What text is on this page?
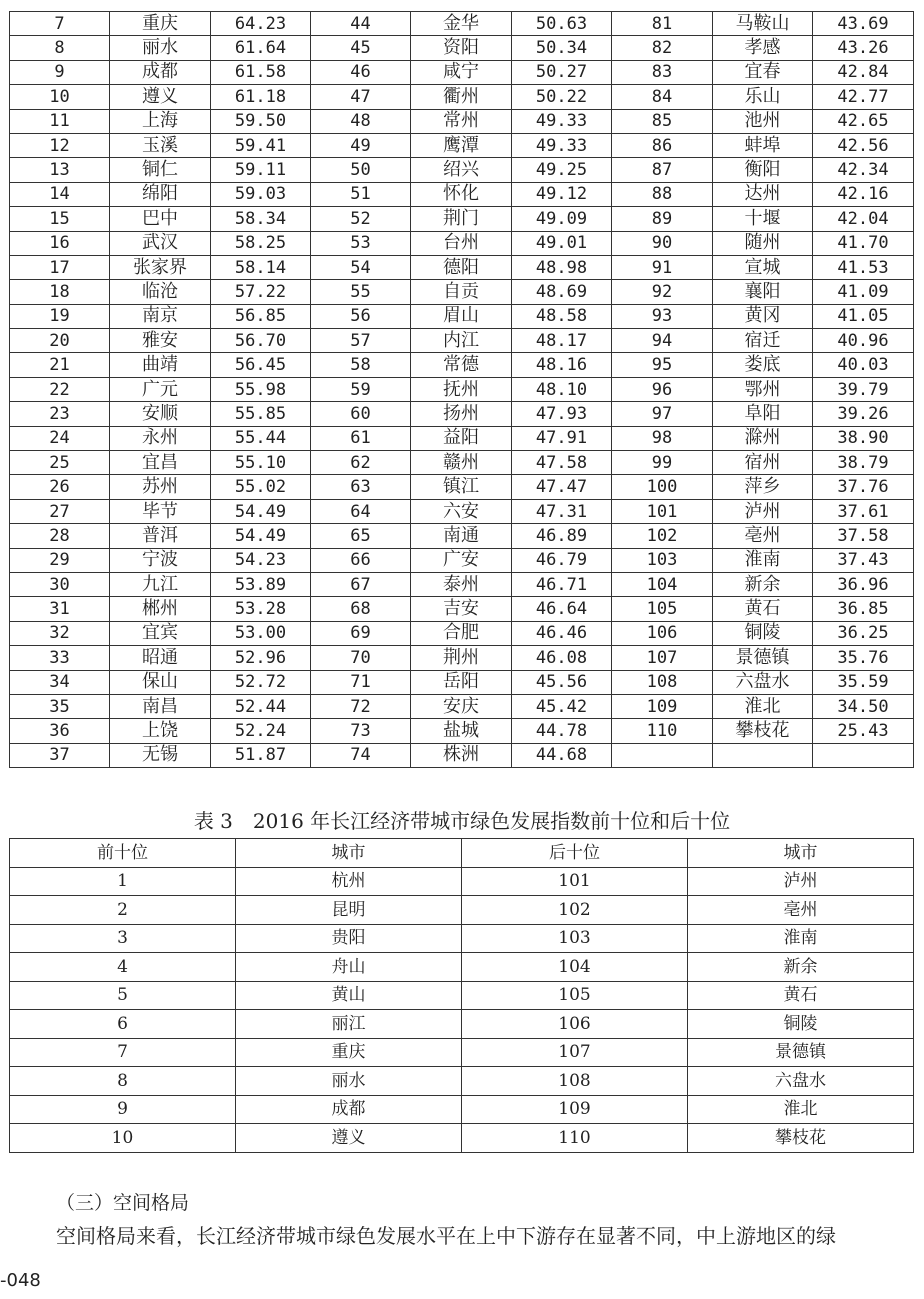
7	重庆	64.23	44	金华	50.63	81	马鞍山	43.69
8	丽水	61.64	45	资阳	50.34	82	孝感	43.26
9	成都	61.58	46	咸宁	50.27	83	宜春	42.84
10	遵义	61.18	47	衢州	50.22	84	乐山	42.77
11	上海	59.50	48	常州	49.33	85	池州	42.65
12	玉溪	59.41	49	鹰潭	49.33	86	蚌埠	42.56
13	铜仁	59.11	50	绍兴	49.25	87	衡阳	42.34
14	绵阳	59.03	51	怀化	49.12	88	达州	42.16
15	巴中	58.34	52	荆门	49.09	89	十堰	42.04
16	武汉	58.25	53	台州	49.01	90	随州	41.70
17	张家界	58.14	54	德阳	48.98	91	宣城	41.53
18	临沧	57.22	55	自贡	48.69	92	襄阳	41.09
19	南京	56.85	56	眉山	48.58	93	黄冈	41.05
20	雅安	56.70	57	内江	48.17	94	宿迁	40.96
21	曲靖	56.45	58	常德	48.16	95	娄底	40.03
22	广元	55.98	59	抚州	48.10	96	鄂州	39.79
23	安顺	55.85	60	扬州	47.93	97	阜阳	39.26
24	永州	55.44	61	益阳	47.91	98	滁州	38.90
25	宜昌	55.10	62	赣州	47.58	99	宿州	38.79
26	苏州	55.02	63	镇江	47.47	100	萍乡	37.76
27	毕节	54.49	64	六安	47.31	101	泸州	37.61
28	普洱	54.49	65	南通	46.89	102	亳州	37.58
29	宁波	54.23	66	广安	46.79	103	淮南	37.43
30	九江	53.89	67	泰州	46.71	104	新余	36.96
31	郴州	53.28	68	吉安	46.64	105	黄石	36.85
32	宜宾	53.00	69	合肥	46.46	106	铜陵	36.25
33	昭通	52.96	70	荆州	46.08	107	景德镇	35.76
34	保山	52.72	71	岳阳	45.56	108	六盘水	35.59
35	南昌	52.44	72	安庆	45.42	109	淮北	34.50
36	上饶	52.24	73	盐城	44.78	110	攀枝花	25.43
37	无锡	51.87	74	株洲	44.68			
表 3　2016 年长江经济带城市绿色发展指数前十位和后十位
前十位	城市	后十位	城市
1	杭州	101	泸州
2	昆明	102	亳州
3	贵阳	103	淮南
4	舟山	104	新余
5	黄山	105	黄石
6	丽江	106	铜陵
7	重庆	107	景德镇
8	丽水	108	六盘水
9	成都	109	淮北
10	遵义	110	攀枝花
（三）空间格局
空间格局来看，长江经济带城市绿色发展水平在上中下游存在显著不同，中上游地区的绿
-048
